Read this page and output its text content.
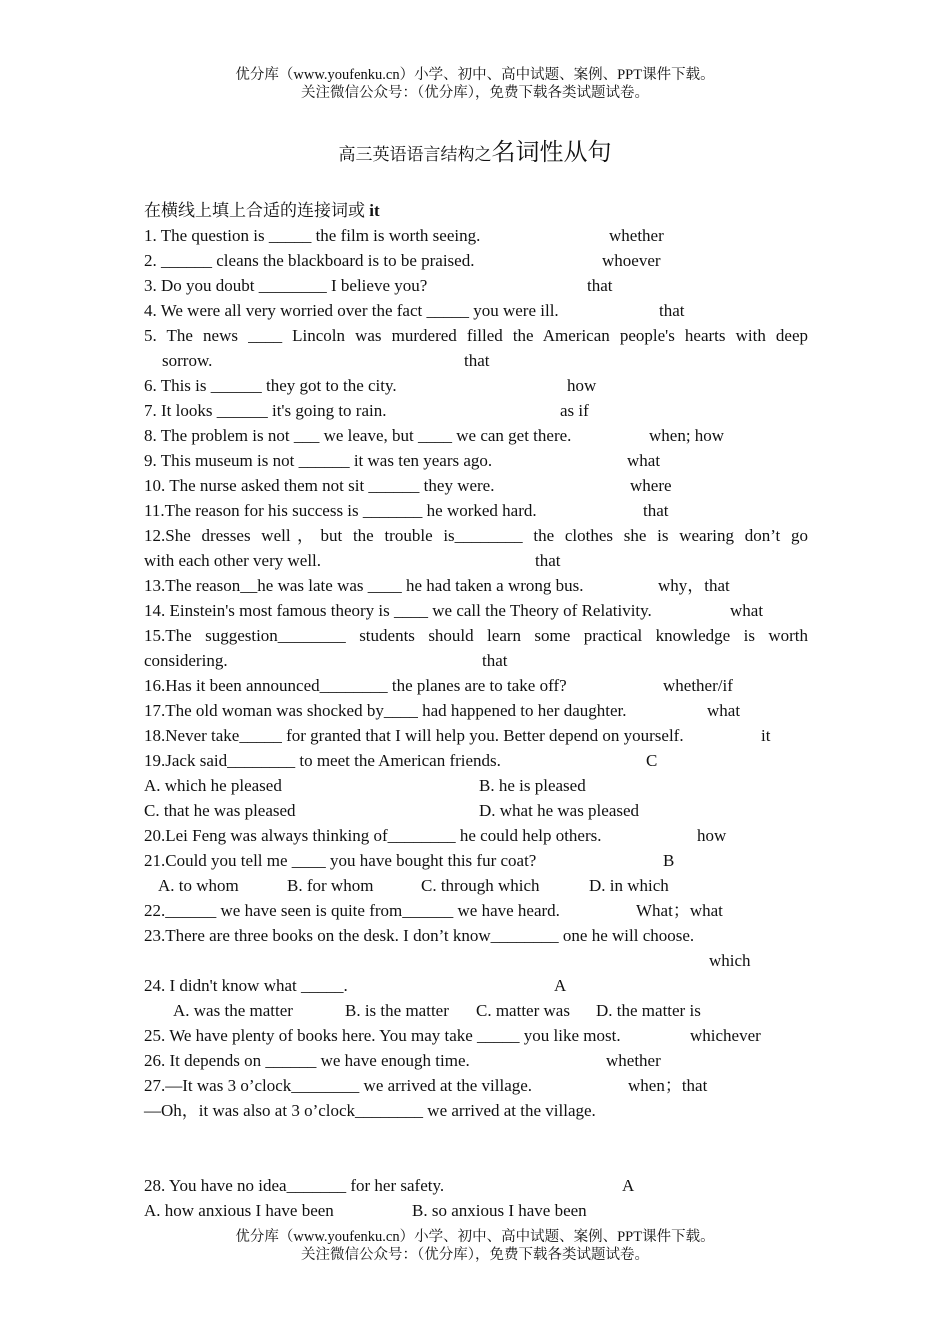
优分库（www.youfenku.cn）小学、初中、高中试题、案例、PPT课件下载。
关注微信公众号：（优分库），免费下载各类试题试卷。
高三英语语言结构之名词性从句
在横线上填上合适的连接词或 it
1. The question is _____ the film is worth seeing.	whether
2. ______ cleans the blackboard is to be praised.	whoever
3. Do you doubt ________ I believe you?	that
4. We were all very worried over the fact _____ you were ill.	that
5. The news ____ Lincoln was murdered filled the American people's hearts with deep
sorrow.	that
6. This is ______ they got to the city.	how
7. It looks ______ it's going to rain.	as if
8. The problem is not ___ we leave, but ____ we can get there.	when; how
9. This museum is not ______ it was ten years ago.	what
10. The nurse asked them not sit ______ they were.	where
11.The reason for his success is _______ he worked hard.	that
12.She dresses well，but the trouble is________ the clothes she is wearing don’t go
with each other very well.	that
13.The reason__he was late was ____ he had taken a wrong bus.	why，that
14. Einstein's most famous theory is ____ we call the Theory of Relativity.	what
15.The suggestion________ students should learn some practical knowledge is worth
considering.	that
16.Has it been announced________ the planes are to take off?	whether/if
17.The old woman was shocked by____ had happened to her daughter.	what
18.Never take_____ for granted that I will help you. Better depend on yourself.	it
19.Jack said________ to meet the American friends.	C
A. which he pleased	B. he is pleased
C. that he was pleased	D. what he was pleased
20.Lei Feng was always thinking of________ he could help others.	how
21.Could you tell me ____ you have bought this fur coat?	B
A. to whom	B. for whom	C. through which	D. in which
22.______ we have seen is quite from______ we have heard.	What；what
23.There are three books on the desk. I don’t know________ one he will choose.
which
24. I didn't know what _____.	A
A. was the matter	B. is the matter C. matter was D. the matter is
25. We have plenty of books here. You may take _____ you like most.	whichever
26. It depends on ______ we have enough time.	whether
27.—It was 3 o’clock________ we arrived at the village.	when；that
—Oh，it was also at 3 o’clock________ we arrived at the village.
28. You have no idea_______ for her safety.	A
A. how anxious I have been	B. so anxious I have been
优分库（www.youfenku.cn）小学、初中、高中试题、案例、PPT课件下载。
关注微信公众号：（优分库），免费下载各类试题试卷。
